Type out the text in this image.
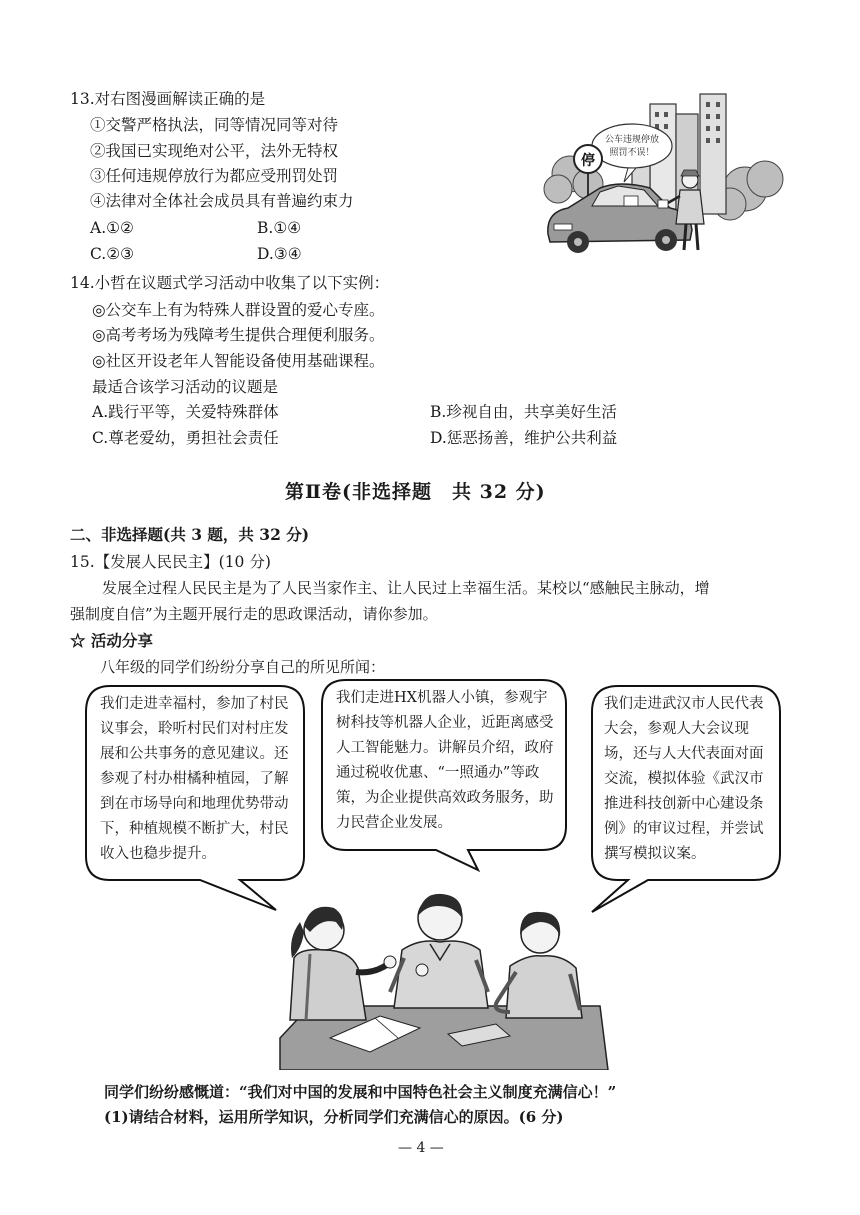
13.对右图漫画解读正确的是
①交警严格执法，同等情况同等对待
②我国已实现绝对公平，法外无特权
③任何违规停放行为都应受刑罚处罚
④法律对全体社会成员具有普遍约束力
A.①②	B.①④
C.②③	D.③④
公车违规停放
照罚不误！
停
14.小哲在议题式学习活动中收集了以下实例：
◎公交车上有为特殊人群设置的爱心专座。
◎高考考场为残障考生提供合理便利服务。
◎社区开设老年人智能设备使用基础课程。
最适合该学习活动的议题是
A.践行平等，关爱特殊群体	B.珍视自由，共享美好生活
C.尊老爱幼，勇担社会责任	D.惩恶扬善，维护公共利益
第Ⅱ卷(非选择题　共 32 分)
二、非选择题(共 3 题，共 32 分)
15.【发展人民民主】(10 分)
发展全过程人民民主是为了人民当家作主、让人民过上幸福生活。某校以“感触民主脉动，增
强制度自信”为主题开展行走的思政课活动，请你参加。
☆ 活动分享
八年级的同学们纷纷分享自己的所见所闻：
我们走进幸福村，参加了村民议事会，聆听村民们对村庄发展和公共事务的意见建议。还参观了村办柑橘种植园，了解到在市场导向和地理优势带动下，种植规模不断扩大，村民收入也稳步提升。
我们走进HX机器人小镇，参观宇树科技等机器人企业，近距离感受人工智能魅力。讲解员介绍，政府通过税收优惠、“一照通办”等政策，为企业提供高效政务服务，助力民营企业发展。
我们走进武汉市人民代表大会，参观人大会议现场，还与人大代表面对面交流，模拟体验《武汉市推进科技创新中心建设条例》的审议过程，并尝试撰写模拟议案。
同学们纷纷感慨道：“我们对中国的发展和中国特色社会主义制度充满信心！”
(1)请结合材料，运用所学知识，分析同学们充满信心的原因。(6 分)
— 4 —
